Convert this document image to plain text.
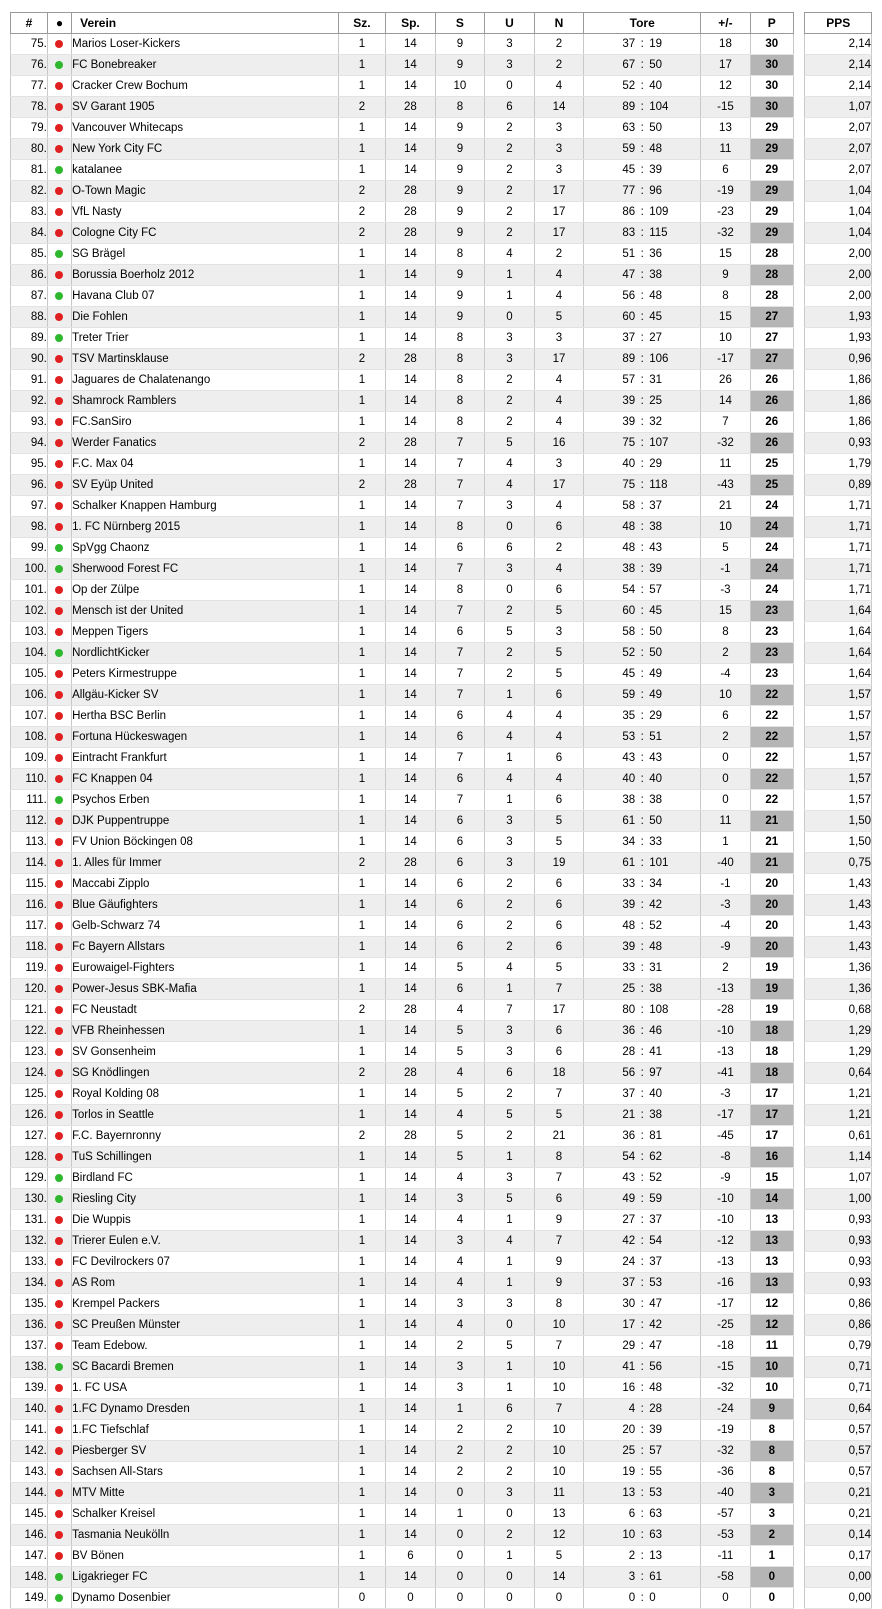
#	●	Verein	Sz.	Sp.	S	U	N	Tore	+/-	P		PPS
75.		Marios Loser-Kickers	1	14	9	3	2	37 : 19	18	30		2,14
76.		FC Bonebreaker	1	14	9	3	2	67 : 50	17	30		2,14
77.		Cracker Crew Bochum	1	14	10	0	4	52 : 40	12	30		2,14
78.		SV Garant 1905	2	28	8	6	14	89 : 104	-15	30		1,07
79.		Vancouver Whitecaps	1	14	9	2	3	63 : 50	13	29		2,07
80.		New York City FC	1	14	9	2	3	59 : 48	11	29		2,07
81.		katalanee	1	14	9	2	3	45 : 39	6	29		2,07
82.		O-Town Magic	2	28	9	2	17	77 : 96	-19	29		1,04
83.		VfL Nasty	2	28	9	2	17	86 : 109	-23	29		1,04
84.		Cologne City FC	2	28	9	2	17	83 : 115	-32	29		1,04
85.		SG Brägel	1	14	8	4	2	51 : 36	15	28		2,00
86.		Borussia Boerholz 2012	1	14	9	1	4	47 : 38	9	28		2,00
87.		Havana Club 07	1	14	9	1	4	56 : 48	8	28		2,00
88.		Die Fohlen	1	14	9	0	5	60 : 45	15	27		1,93
89.		Treter Trier	1	14	8	3	3	37 : 27	10	27		1,93
90.		TSV Martinsklause	2	28	8	3	17	89 : 106	-17	27		0,96
91.		Jaguares de Chalatenango	1	14	8	2	4	57 : 31	26	26		1,86
92.		Shamrock Ramblers	1	14	8	2	4	39 : 25	14	26		1,86
93.		FC.SanSiro	1	14	8	2	4	39 : 32	7	26		1,86
94.		Werder Fanatics	2	28	7	5	16	75 : 107	-32	26		0,93
95.		F.C. Max 04	1	14	7	4	3	40 : 29	11	25		1,79
96.		SV Eyüp United	2	28	7	4	17	75 : 118	-43	25		0,89
97.		Schalker Knappen Hamburg	1	14	7	3	4	58 : 37	21	24		1,71
98.		1. FC Nürnberg 2015	1	14	8	0	6	48 : 38	10	24		1,71
99.		SpVgg Chaonz	1	14	6	6	2	48 : 43	5	24		1,71
100.		Sherwood Forest FC	1	14	7	3	4	38 : 39	-1	24		1,71
101.		Op der Zülpe	1	14	8	0	6	54 : 57	-3	24		1,71
102.		Mensch ist der United	1	14	7	2	5	60 : 45	15	23		1,64
103.		Meppen Tigers	1	14	6	5	3	58 : 50	8	23		1,64
104.		NordlichtKicker	1	14	7	2	5	52 : 50	2	23		1,64
105.		Peters Kirmestruppe	1	14	7	2	5	45 : 49	-4	23		1,64
106.		Allgäu-Kicker SV	1	14	7	1	6	59 : 49	10	22		1,57
107.		Hertha BSC Berlin	1	14	6	4	4	35 : 29	6	22		1,57
108.		Fortuna Hückeswagen	1	14	6	4	4	53 : 51	2	22		1,57
109.		Eintracht Frankfurt	1	14	7	1	6	43 : 43	0	22		1,57
110.		FC Knappen 04	1	14	6	4	4	40 : 40	0	22		1,57
111.		Psychos Erben	1	14	7	1	6	38 : 38	0	22		1,57
112.		DJK Puppentruppe	1	14	6	3	5	61 : 50	11	21		1,50
113.		FV Union Böckingen 08	1	14	6	3	5	34 : 33	1	21		1,50
114.		1. Alles für Immer	2	28	6	3	19	61 : 101	-40	21		0,75
115.		Maccabi Zipplo	1	14	6	2	6	33 : 34	-1	20		1,43
116.		Blue Gäufighters	1	14	6	2	6	39 : 42	-3	20		1,43
117.		Gelb-Schwarz 74	1	14	6	2	6	48 : 52	-4	20		1,43
118.		Fc Bayern Allstars	1	14	6	2	6	39 : 48	-9	20		1,43
119.		Eurowaigel-Fighters	1	14	5	4	5	33 : 31	2	19		1,36
120.		Power-Jesus SBK-Mafia	1	14	6	1	7	25 : 38	-13	19		1,36
121.		FC Neustadt	2	28	4	7	17	80 : 108	-28	19		0,68
122.		VFB Rheinhessen	1	14	5	3	6	36 : 46	-10	18		1,29
123.		SV Gonsenheim	1	14	5	3	6	28 : 41	-13	18		1,29
124.		SG Knödlingen	2	28	4	6	18	56 : 97	-41	18		0,64
125.		Royal Kolding 08	1	14	5	2	7	37 : 40	-3	17		1,21
126.		Torlos in Seattle	1	14	4	5	5	21 : 38	-17	17		1,21
127.		F.C. Bayernronny	2	28	5	2	21	36 : 81	-45	17		0,61
128.		TuS Schillingen	1	14	5	1	8	54 : 62	-8	16		1,14
129.		Birdland FC	1	14	4	3	7	43 : 52	-9	15		1,07
130.		Riesling City	1	14	3	5	6	49 : 59	-10	14		1,00
131.		Die Wuppis	1	14	4	1	9	27 : 37	-10	13		0,93
132.		Trierer Eulen e.V.	1	14	3	4	7	42 : 54	-12	13		0,93
133.		FC Devilrockers 07	1	14	4	1	9	24 : 37	-13	13		0,93
134.		AS Rom	1	14	4	1	9	37 : 53	-16	13		0,93
135.		Krempel Packers	1	14	3	3	8	30 : 47	-17	12		0,86
136.		SC Preußen Münster	1	14	4	0	10	17 : 42	-25	12		0,86
137.		Team Edebow.	1	14	2	5	7	29 : 47	-18	11		0,79
138.		SC Bacardi Bremen	1	14	3	1	10	41 : 56	-15	10		0,71
139.		1. FC USA	1	14	3	1	10	16 : 48	-32	10		0,71
140.		1.FC Dynamo Dresden	1	14	1	6	7	4 : 28	-24	9		0,64
141.		1.FC Tiefschlaf	1	14	2	2	10	20 : 39	-19	8		0,57
142.		Piesberger SV	1	14	2	2	10	25 : 57	-32	8		0,57
143.		Sachsen All-Stars	1	14	2	2	10	19 : 55	-36	8		0,57
144.		MTV Mitte	1	14	0	3	11	13 : 53	-40	3		0,21
145.		Schalker Kreisel	1	14	1	0	13	6 : 63	-57	3		0,21
146.		Tasmania Neukölln	1	14	0	2	12	10 : 63	-53	2		0,14
147.		BV Bönen	1	6	0	1	5	2 : 13	-11	1		0,17
148.		Ligakrieger FC	1	14	0	0	14	3 : 61	-58	0		0,00
149.		Dynamo Dosenbier	0	0	0	0	0	0 : 0	0	0		0,00
